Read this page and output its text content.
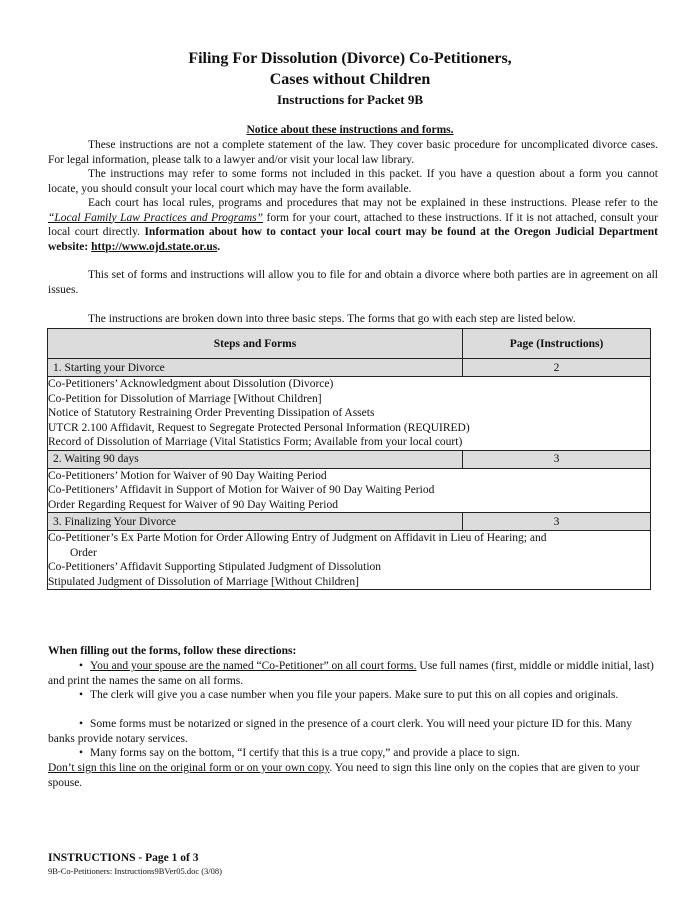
Filing For Dissolution (Divorce) Co-Petitioners,
Cases without Children
Instructions for Packet 9B
Notice about these instructions and forms.
These instructions are not a complete statement of the law. They cover basic procedure for uncomplicated divorce cases. For legal information, please talk to a lawyer and/or visit your local law library.
The instructions may refer to some forms not included in this packet. If you have a question about a form you cannot locate, you should consult your local court which may have the form available.
Each court has local rules, programs and procedures that may not be explained in these instructions. Please refer to the “Local Family Law Practices and Programs” form for your court, attached to these instructions. If it is not attached, consult your local court directly. Information about how to contact your local court may be found at the Oregon Judicial Department website: http://www.ojd.state.or.us.
This set of forms and instructions will allow you to file for and obtain a divorce where both parties are in agreement on all issues.
The instructions are broken down into three basic steps. The forms that go with each step are listed below.
Steps and Forms	Page (Instructions)
1. Starting your Divorce	2

Co-Petitioners’ Acknowledgment about Dissolution (Divorce)
Co-Petition for Dissolution of Marriage [Without Children]
Notice of Statutory Restraining Order Preventing Dissipation of Assets
UTCR 2.100 Affidavit, Request to Segregate Protected Personal Information (REQUIRED)
Record of Dissolution of Marriage (Vital Statistics Form; Available from your local court)	

2. Waiting 90 days	3

Co-Petitioners’ Motion for Waiver of 90 Day Waiting Period
Co-Petitioners’ Affidavit in Support of Motion for Waiver of 90 Day Waiting Period
Order Regarding Request for Waiver of 90 Day Waiting Period	

3. Finalizing Your Divorce	3

Co-Petitioner’s Ex Parte Motion for Order Allowing Entry of Judgment on Affidavit in Lieu of Hearing; and
Order
Co-Petitioners’ Affidavit Supporting Stipulated Judgment of Dissolution
Stipulated Judgment of Dissolution of Marriage [Without Children]	
When filling out the forms, follow these directions:
• You and your spouse are the named “Co-Petitioner” on all court forms. Use full names (first, middle or middle initial, last) and print the names the same on all forms.
• The clerk will give you a case number when you file your papers. Make sure to put this on all copies and originals.
• Some forms must be notarized or signed in the presence of a court clerk. You will need your picture ID for this. Many banks provide notary services.
• Many forms say on the bottom, “I certify that this is a true copy,” and provide a place to sign.
Don’t sign this line on the original form or on your own copy. You need to sign this line only on the copies that are given to your spouse.
INSTRUCTIONS - Page 1 of 3
9B-Co-Petitioners: Instructions9BVer05.doc (3/08)
